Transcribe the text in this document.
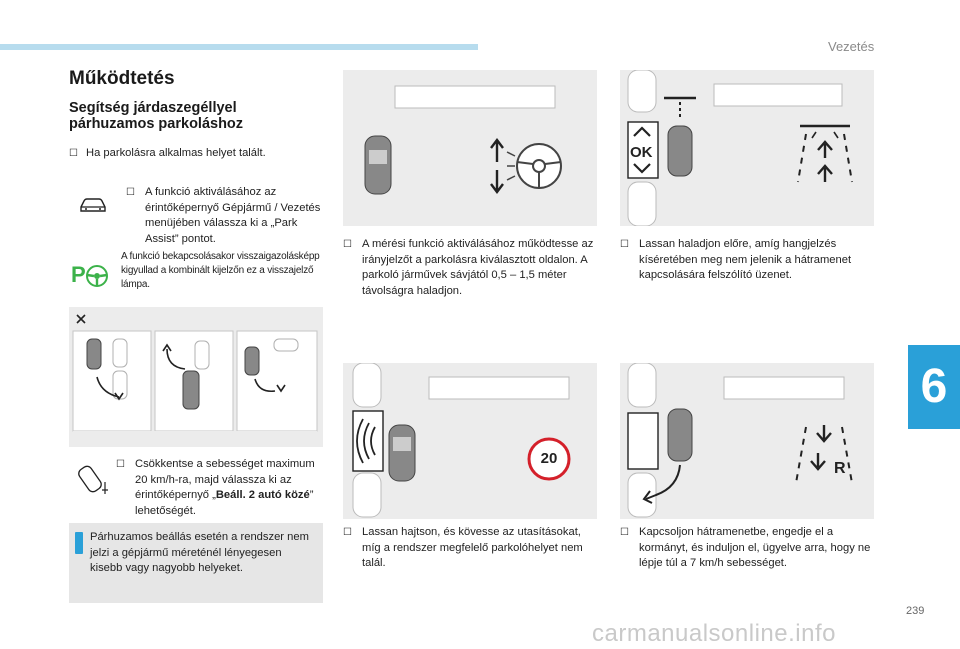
Vezetés
Működtetés
Segítség járdaszegéllyel párhuzamos parkoláshoz
☐ Ha parkolásra alkalmas helyet talált.
☐ A funkció aktiválásához az érintőképernyő Gépjármű / Vezetés menüjében válassza ki a „Park Assist” pontot.
P
A funkció bekapcsolásakor visszaigazolásképp kigyullad a kombinált kijelzőn ez a visszajelző lámpa.
☐ Csökkentse a sebességet maximum 20 km/h-ra, majd válassza ki az érintőképernyő „Beáll. 2 autó közé” lehetőségét.
Párhuzamos beállás esetén a rendszer nem jelzi a gépjármű méreténél lényegesen kisebb vagy nagyobb helyeket.
☐ A mérési funkció aktiválásához működtesse az irányjelzőt a parkolásra kiválasztott oldalon. A parkoló járművek sávjától 0,5 – 1,5 méter távolságra haladjon.
20
☐ Lassan hajtson, és kövesse az utasításokat, míg a rendszer megfelelő parkolóhelyet nem talál.
OK
☐ Lassan haladjon előre, amíg hangjelzés kíséretében meg nem jelenik a hátramenet kapcsolására felszólító üzenet.
R
☐ Kapcsoljon hátramenetbe, engedje el a kormányt, és induljon el, ügyelve arra, hogy ne lépje túl a 7 km/h sebességet.
6
239
carmanualsonline.info
